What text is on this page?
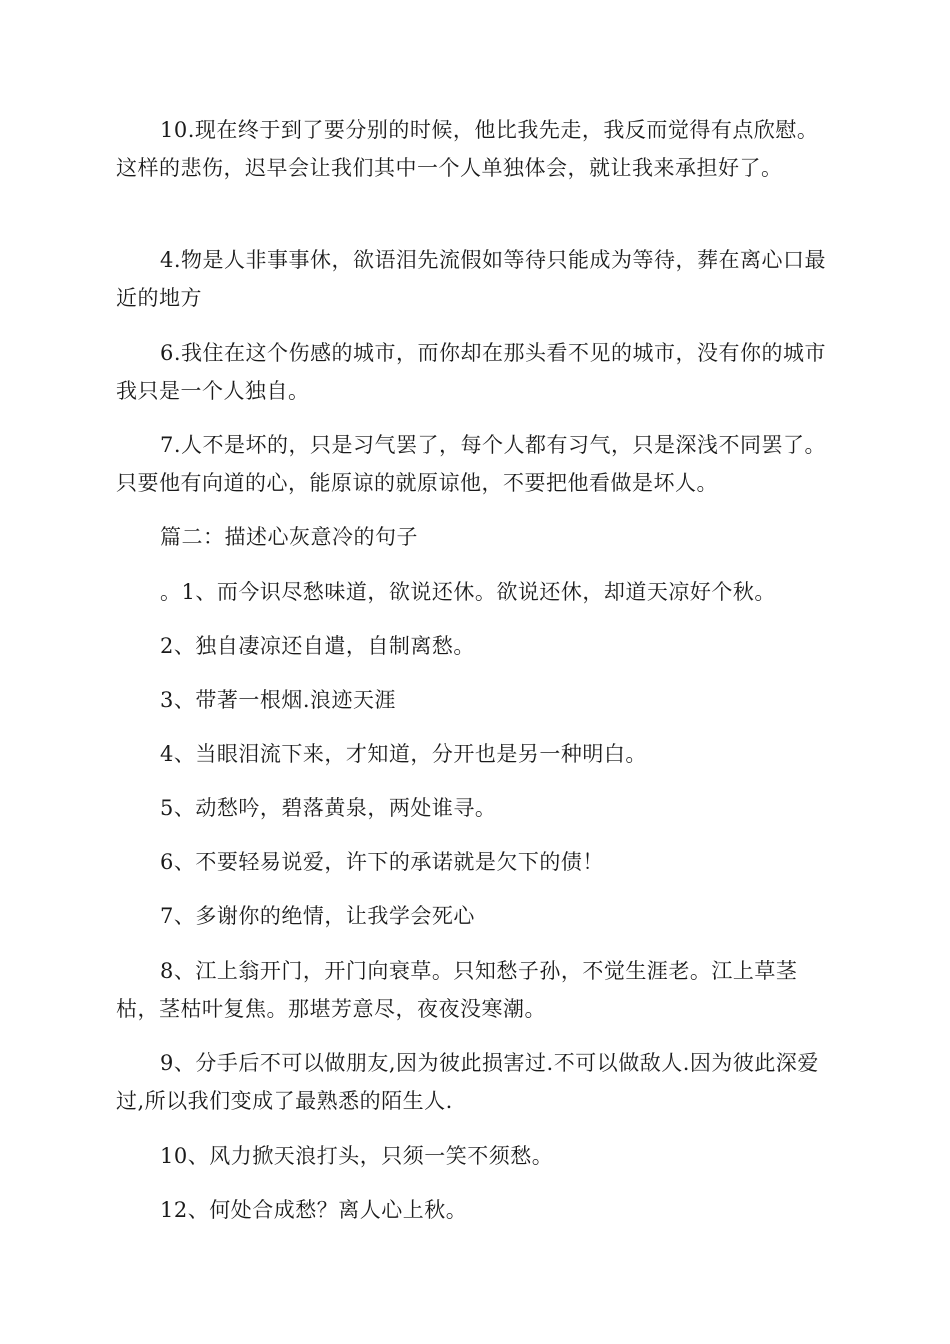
10.现在终于到了要分别的时候，他比我先走，我反而觉得有点欣慰。这样的悲伤，迟早会让我们其中一个人单独体会，就让我来承担好了。

4.物是人非事事休，欲语泪先流假如等待只能成为等待，葬在离心口最近的地方

6.我住在这个伤感的城市，而你却在那头看不见的城市，没有你的城市我只是一个人独自。

7.人不是坏的，只是习气罢了，每个人都有习气，只是深浅不同罢了。只要他有向道的心，能原谅的就原谅他，不要把他看做是坏人。

篇二：描述心灰意冷的句子

。1、而今识尽愁味道，欲说还休。欲说还休，却道天凉好个秋。

2、独自凄凉还自遣，自制离愁。

3、带著一根烟.浪迹天涯

4、当眼泪流下来，才知道，分开也是另一种明白。

5、动愁吟，碧落黄泉，两处谁寻。

6、不要轻易说爱，许下的承诺就是欠下的债！

7、多谢你的绝情，让我学会死心

8、江上翁开门，开门向衰草。只知愁子孙，不觉生涯老。江上草茎枯，茎枯叶复焦。那堪芳意尽，夜夜没寒潮。

9、分手后不可以做朋友,因为彼此损害过.不可以做敌人.因为彼此深爱过,所以我们变成了最熟悉的陌生人.

10、风力掀天浪打头，只须一笑不须愁。

12、何处合成愁？离人心上秋。
